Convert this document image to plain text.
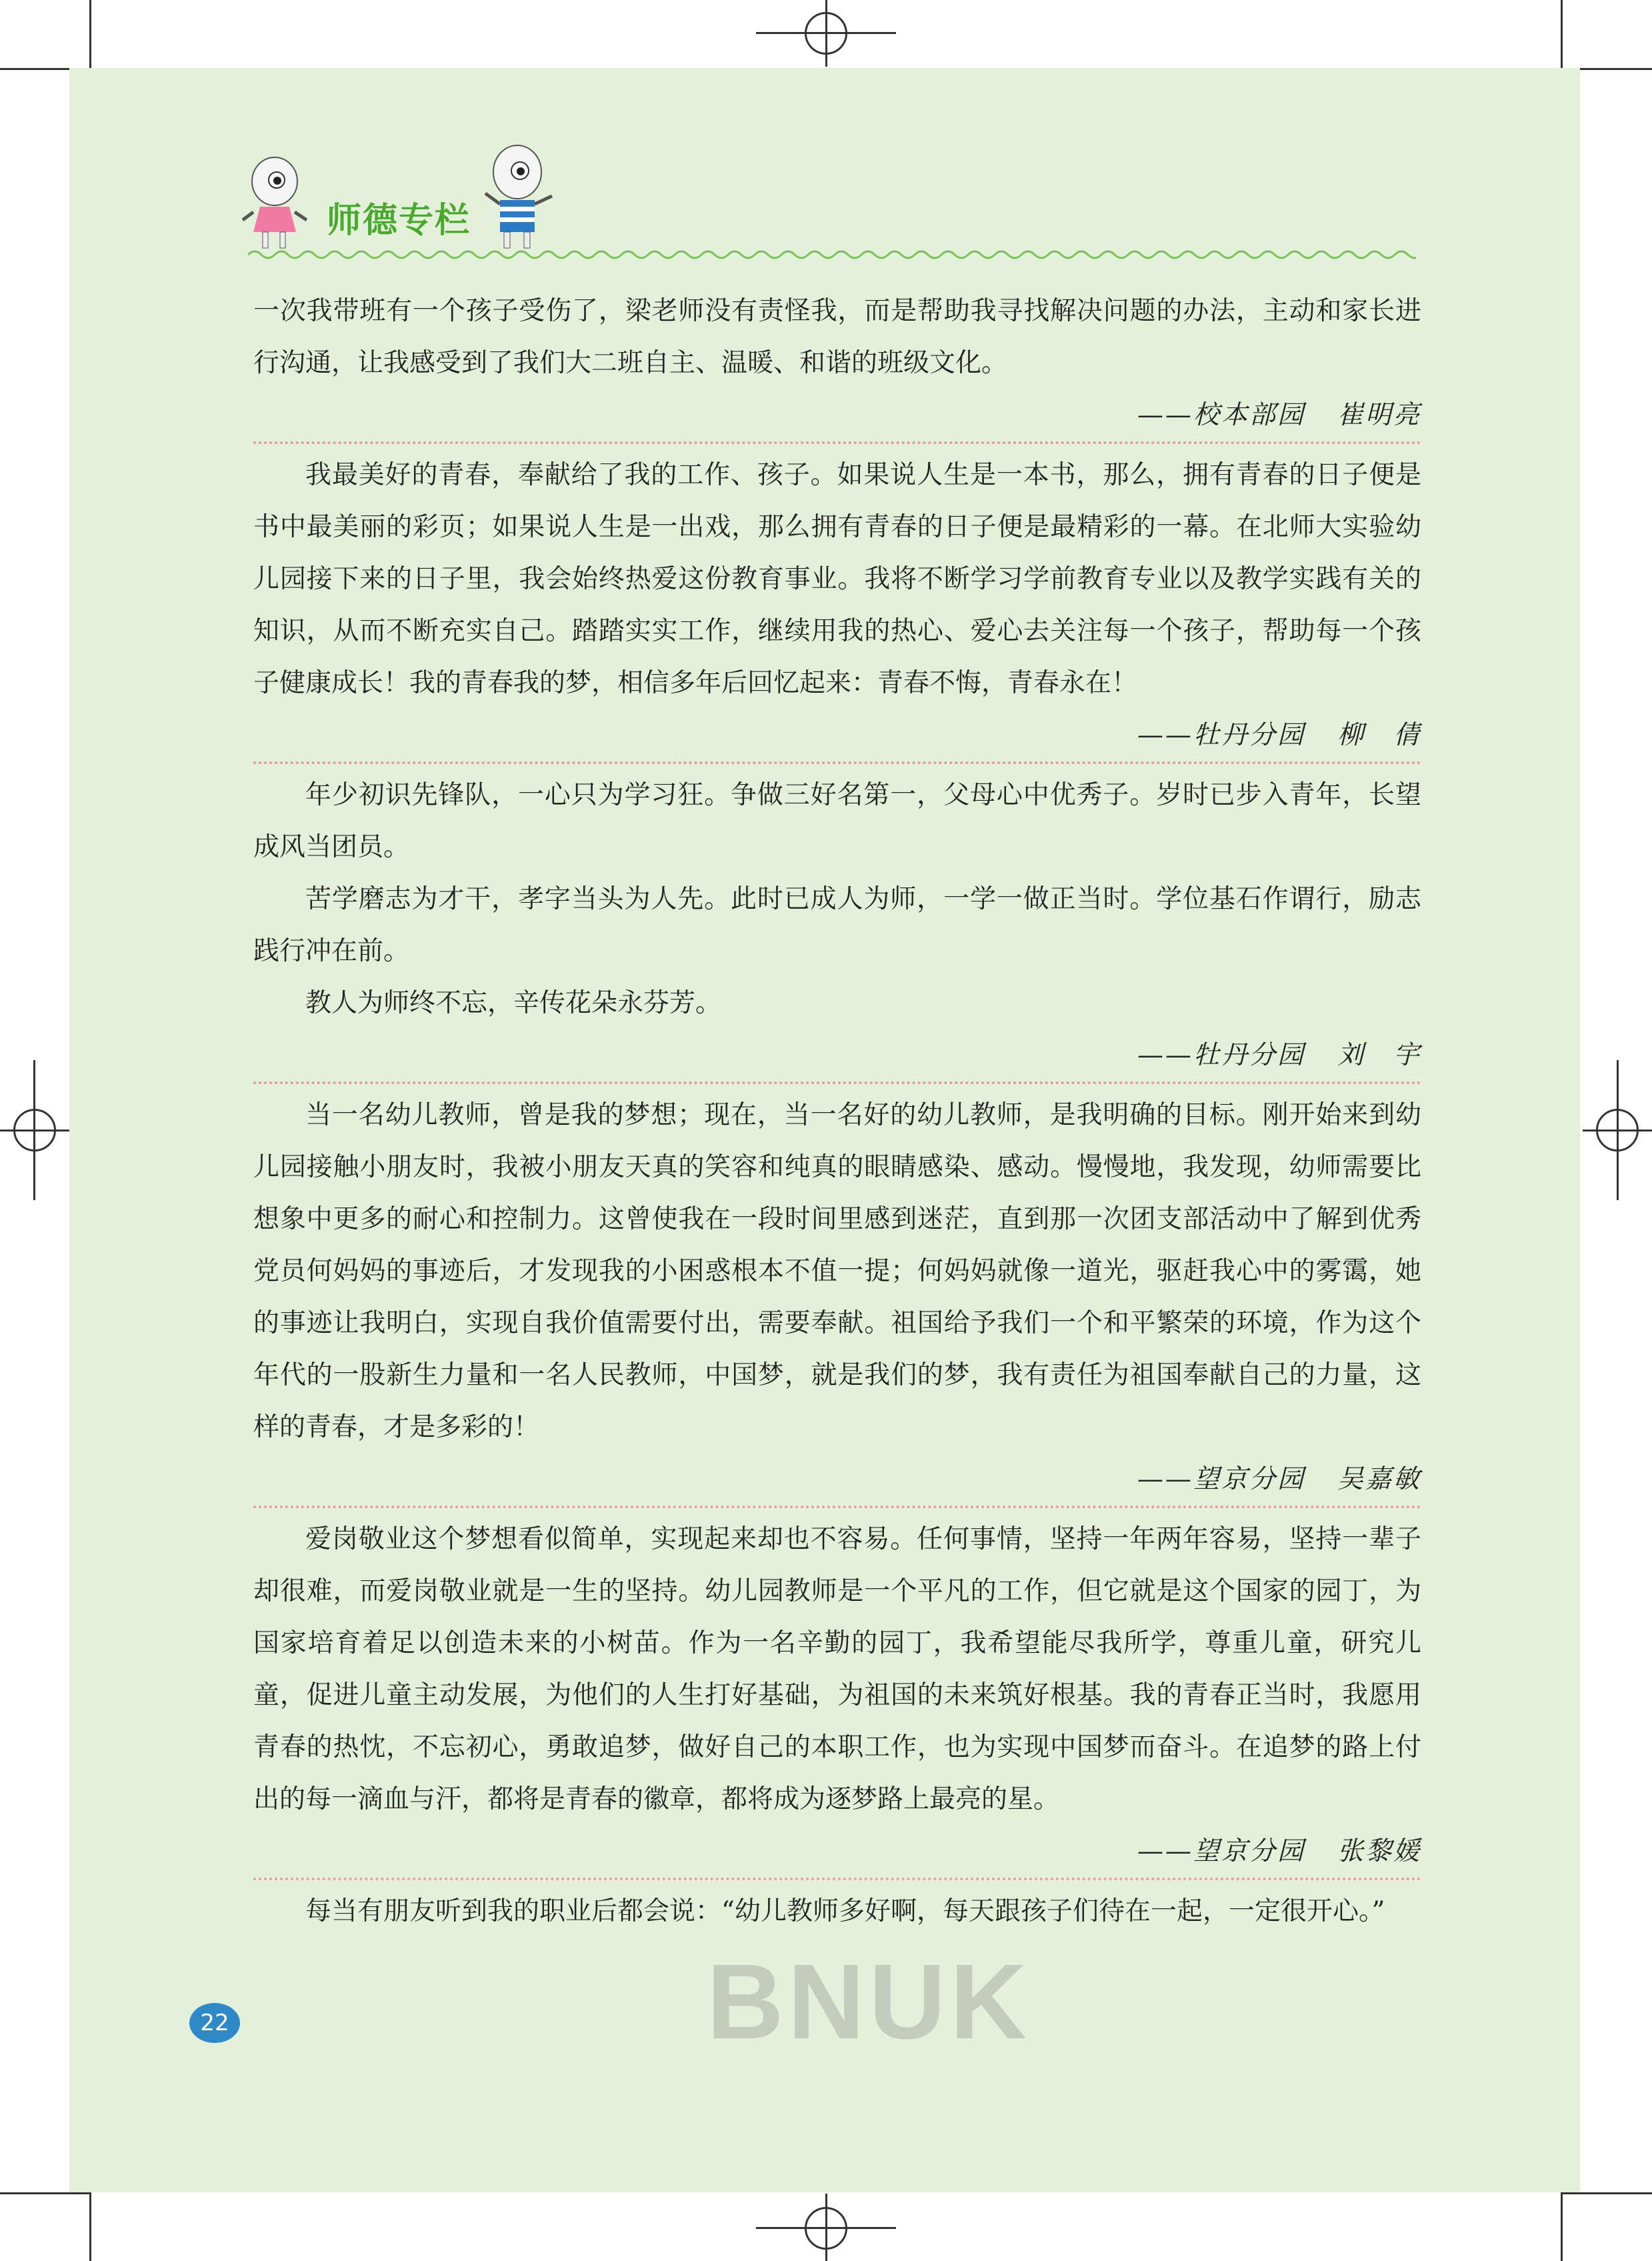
师德专栏

一次我带班有一个孩子受伤了，梁老师没有责怪我，而是帮助我寻找解决问题的办法，主动和家长进行沟通，让我感受到了我们大二班自主、温暖、和谐的班级文化。

——校本部园 崔明亮

我最美好的青春，奉献给了我的工作、孩子。如果说人生是一本书，那么，拥有青春的日子便是书中最美丽的彩页；如果说人生是一出戏，那么拥有青春的日子便是最精彩的一幕。在北师大实验幼儿园接下来的日子里，我会始终热爱这份教育事业。我将不断学习学前教育专业以及教学实践有关的知识，从而不断充实自己。踏踏实实工作，继续用我的热心、爱心去关注每一个孩子，帮助每一个孩子健康成长！我的青春我的梦，相信多年后回忆起来：青春不悔，青春永在！

——牡丹分园 柳　倩

年少初识先锋队，一心只为学习狂。争做三好名第一，父母心中优秀子。岁时已步入青年，长望成风当团员。

苦学磨志为才干，孝字当头为人先。此时已成人为师，一学一做正当时。学位基石作谓行，励志践行冲在前。

教人为师终不忘，辛传花朵永芬芳。

——牡丹分园 刘　宇

当一名幼儿教师，曾是我的梦想；现在，当一名好的幼儿教师，是我明确的目标。刚开始来到幼儿园接触小朋友时，我被小朋友天真的笑容和纯真的眼睛感染、感动。慢慢地，我发现，幼师需要比想象中更多的耐心和控制力。这曾使我在一段时间里感到迷茫，直到那一次团支部活动中了解到优秀党员何妈妈的事迹后，才发现我的小困惑根本不值一提；何妈妈就像一道光，驱赶我心中的雾霭，她的事迹让我明白，实现自我价值需要付出，需要奉献。祖国给予我们一个和平繁荣的环境，作为这个年代的一股新生力量和一名人民教师，中国梦，就是我们的梦，我有责任为祖国奉献自己的力量，这样的青春，才是多彩的！

——望京分园 吴嘉敏

爱岗敬业这个梦想看似简单，实现起来却也不容易。任何事情，坚持一年两年容易，坚持一辈子却很难，而爱岗敬业就是一生的坚持。幼儿园教师是一个平凡的工作，但它就是这个国家的园丁，为国家培育着足以创造未来的小树苗。作为一名辛勤的园丁，我希望能尽我所学，尊重儿童，研究儿童，促进儿童主动发展，为他们的人生打好基础，为祖国的未来筑好根基。我的青春正当时，我愿用青春的热忱，不忘初心，勇敢追梦，做好自己的本职工作，也为实现中国梦而奋斗。在追梦的路上付出的每一滴血与汗，都将是青春的徽章，都将成为逐梦路上最亮的星。

——望京分园 张黎媛

每当有朋友听到我的职业后都会说：“幼儿教师多好啊，每天跟孩子们待在一起，一定很开心。”

BNUK
22
